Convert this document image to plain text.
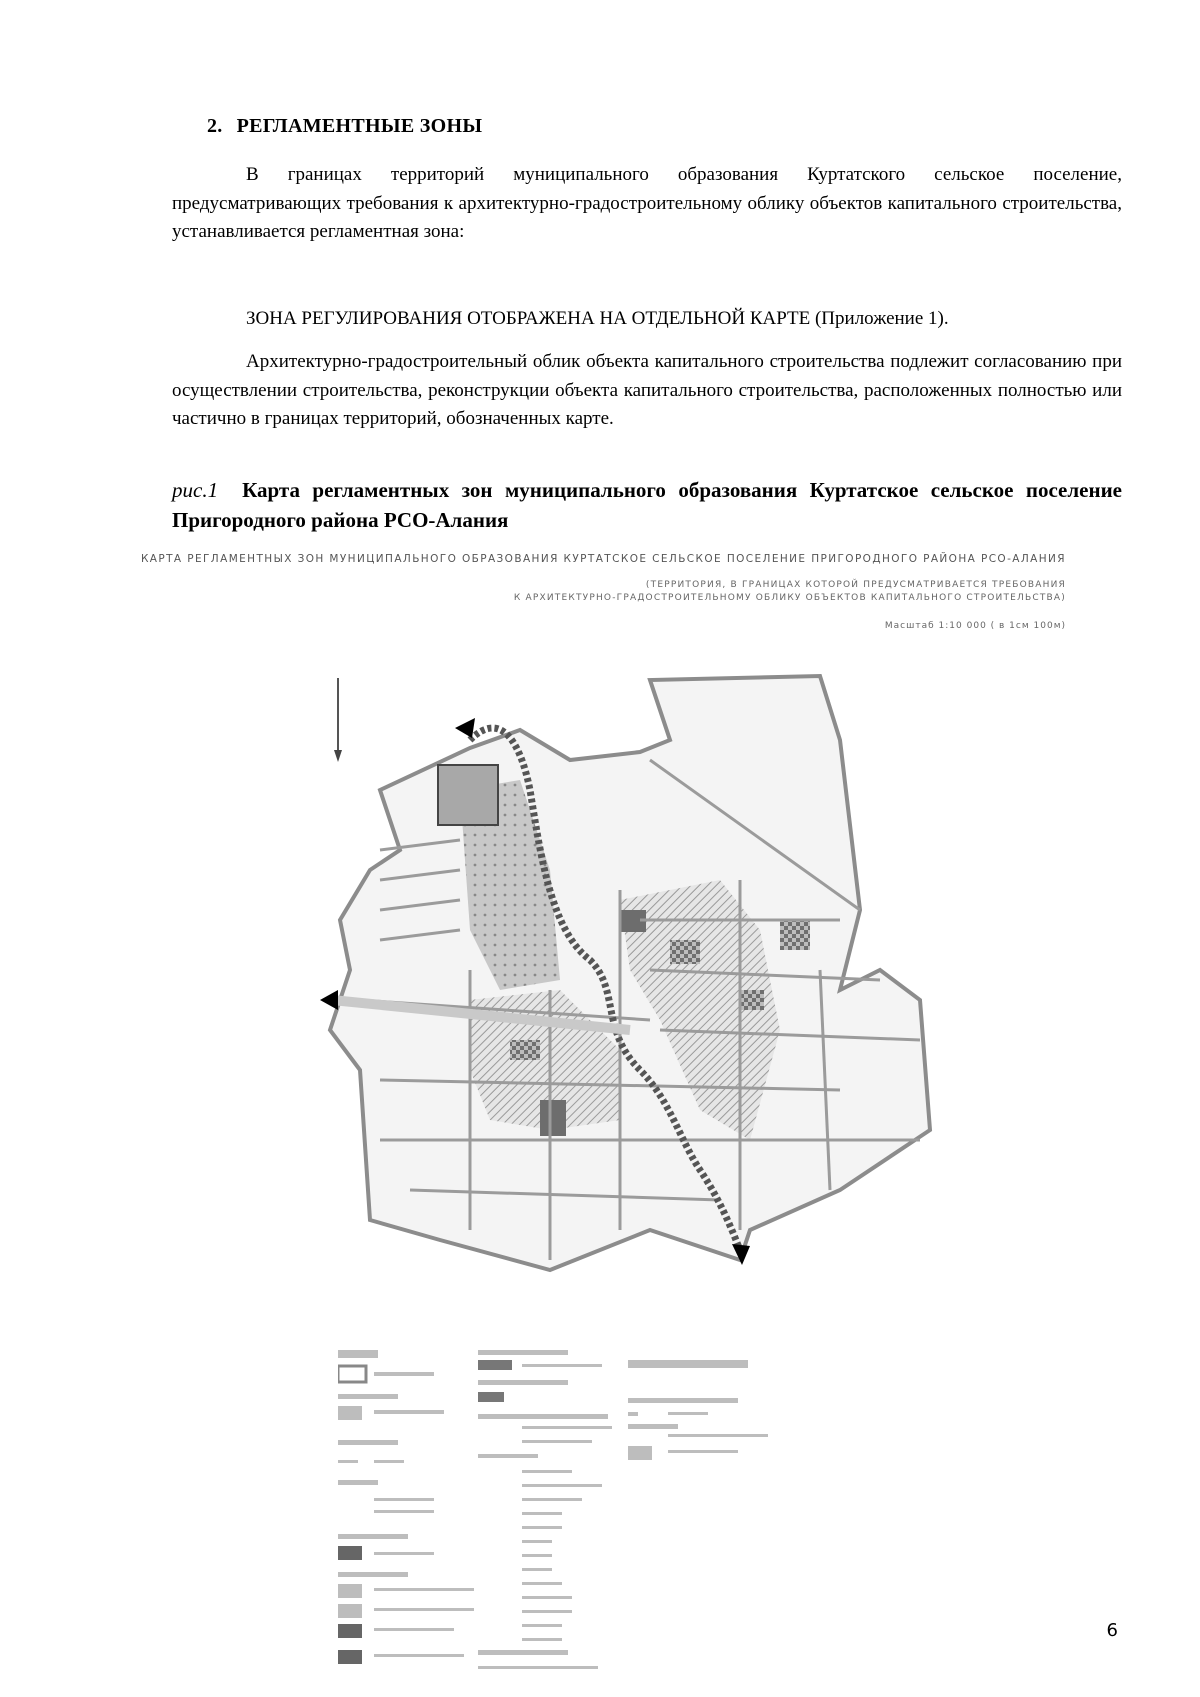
2. РЕГЛАМЕНТНЫЕ ЗОНЫ

В границах территорий муниципального образования Куртатского сельское поселение, предусматривающих требования к архитектурно-градостроительному облику объектов капитального строительства, устанавливается регламентная зона:

ЗОНА РЕГУЛИРОВАНИЯ ОТОБРАЖЕНА НА ОТДЕЛЬНОЙ КАРТЕ (Приложение 1).

Архитектурно-градостроительный облик объекта капитального строительства подлежит согласованию при осуществлении строительства, реконструкции объекта капитального строительства, расположенных полностью или частично в границах территорий, обозначенных карте.

рис.1 Карта регламентных зон муниципального образования Куртатское сельское поселение Пригородного района РСО-Алания
КАРТА РЕГЛАМЕНТНЫХ ЗОН МУНИЦИПАЛЬНОГО ОБРАЗОВАНИЯ КУРТАТСКОЕ СЕЛЬСКОЕ ПОСЕЛЕНИЕ ПРИГОРОДНОГО РАЙОНА РСО-АЛАНИЯ
(ТЕРРИТОРИЯ, В ГРАНИЦАХ КОТОРОЙ ПРЕДУСМАТРИВАЕТСЯ ТРЕБОВАНИЯ
К АРХИТЕКТУРНО-ГРАДОСТРОИТЕЛЬНОМУ ОБЛИКУ ОБЪЕКТОВ КАПИТАЛЬНОГО СТРОИТЕЛЬСТВА)
Масштаб 1:10 000 ( в 1см 100м)
6
